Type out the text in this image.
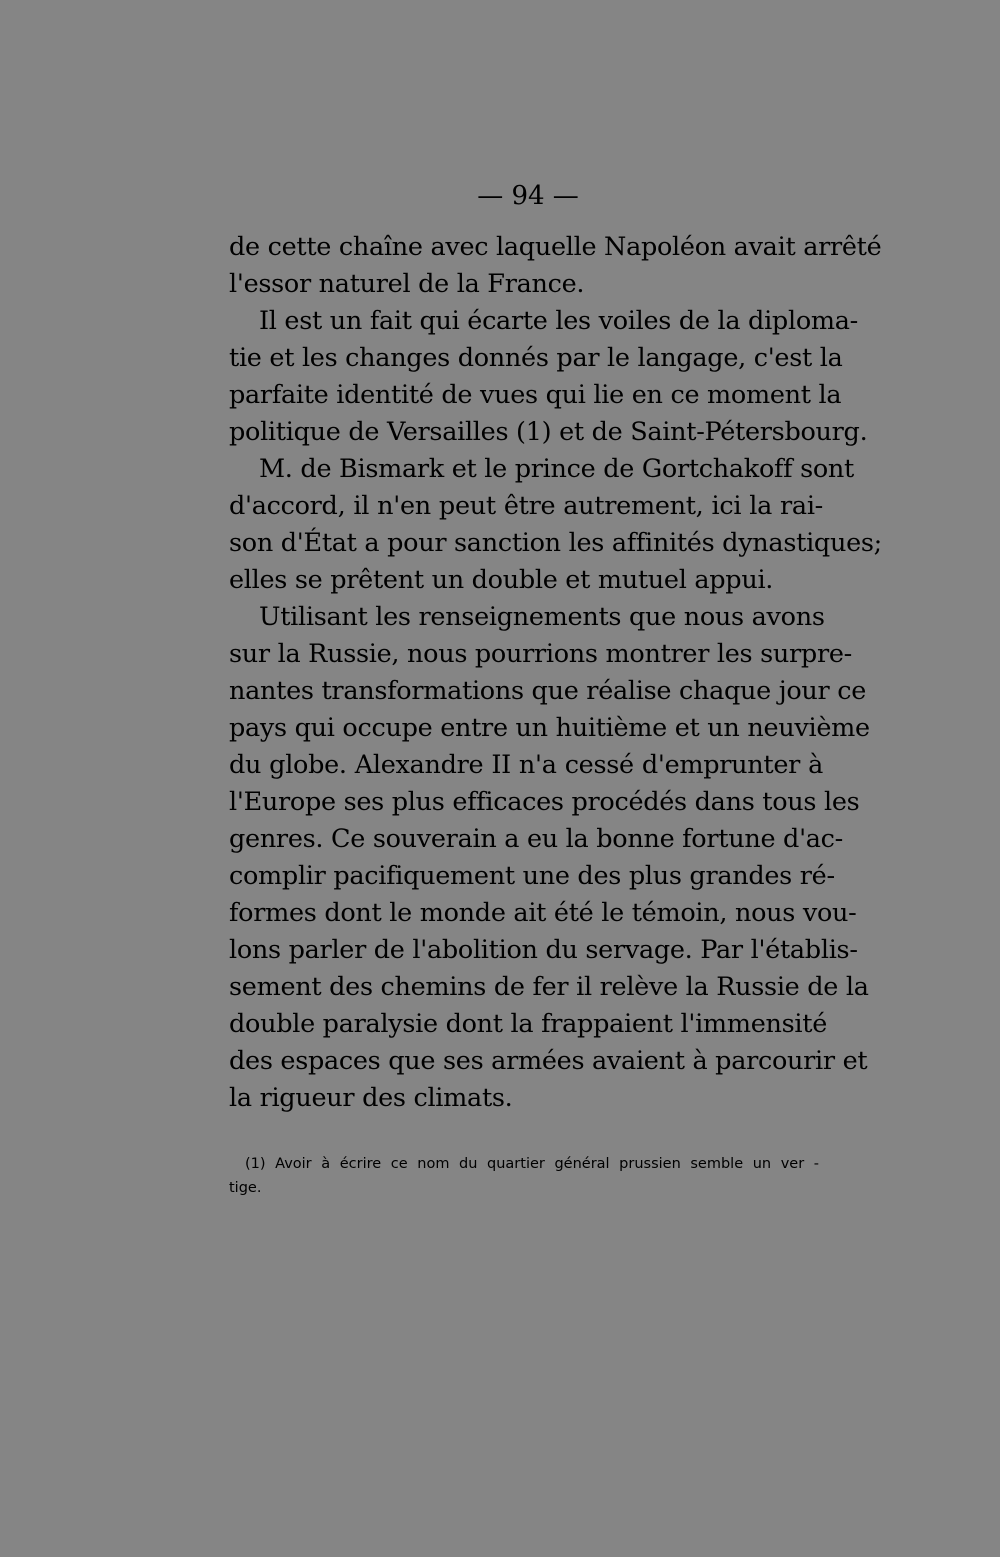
— 94 —
de cette chaîne avec laquelle Napoléon avait arrêté
l'essor naturel de la France.
Il est un fait qui écarte les voiles de la diploma-
tie et les changes donnés par le langage, c'est la
parfaite identité de vues qui lie en ce moment la
politique de Versailles (1) et de Saint-Pétersbourg.
M. de Bismark et le prince de Gortchakoff sont
d'accord, il n'en peut être autrement, ici la rai-
son d'État a pour sanction les affinités dynastiques;
elles se prêtent un double et mutuel appui.
Utilisant les renseignements que nous avons
sur la Russie, nous pourrions montrer les surpre-
nantes transformations que réalise chaque jour ce
pays qui occupe entre un huitième et un neuvième
du globe. Alexandre II n'a cessé d'emprunter à
l'Europe ses plus efficaces procédés dans tous les
genres. Ce souverain a eu la bonne fortune d'ac-
complir pacifiquement une des plus grandes ré-
formes dont le monde ait été le témoin, nous vou-
lons parler de l'abolition du servage. Par l'établis-
sement des chemins de fer il relève la Russie de la
double paralysie dont la frappaient l'immensité
des espaces que ses armées avaient à parcourir et
la rigueur des climats.
(1) Avoir à écrire ce nom du quartier général prussien semble un ver -
tige.
